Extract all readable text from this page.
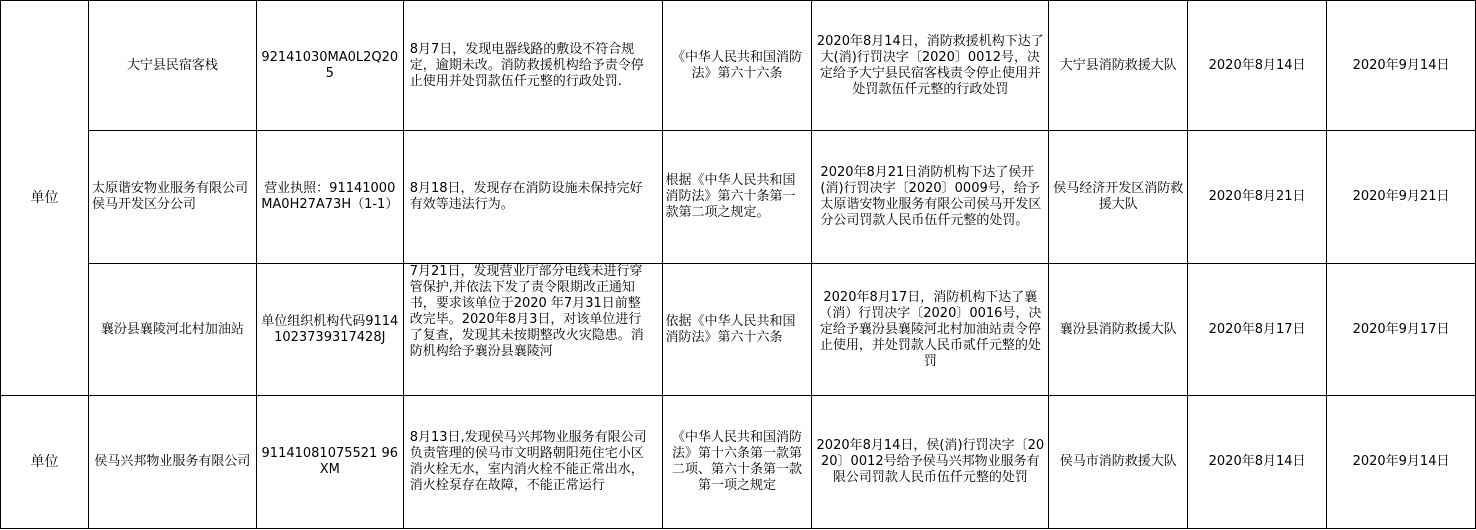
单位	大宁县民宿客栈	92141030MA0L2Q205	8月7日，发现电器线路的敷设不符合规定，逾期未改。消防救援机构给予责令停止使用并处罚款伍仟元整的行政处罚.	《中华人民共和国消防法》第六十六条	2020年8月14日，消防救援机构下达了大(消)行罚决字〔2020〕0012号，决定给予大宁县民宿客栈责令停止使用并处罚款伍仟元整的行政处罚	大宁县消防救援大队	2020年8月14日	2020年9月14日
	太原谐安物业服务有限公司侯马开发区分公司	营业执照：91141000MA0H27A73H（1-1）	8月18日，发现存在消防设施未保持完好有效等违法行为。	根据《中华人民共和国消防法》第六十条第一款第二项之规定。	2020年8月21日消防机构下达了侯开(消)行罚决字〔2020〕0009号，给予太原谐安物业服务有限公司侯马开发区分公司罚款人民币伍仟元整的处罚。	侯马经济开发区消防救援大队	2020年8月21日	2020年9月21日
	襄汾县襄陵河北村加油站	单位组织机构代码91141023739317428J	7月21日，发现营业厅部分电线未进行穿管保护,并依法下发了责令限期改正通知书，要求该单位于2020 年7月31日前整改完毕。2020年8月3日，对该单位进行了复查，发现其未按期整改火灾隐患。消防机构给予襄汾县襄陵河	依据《中华人民共和国消防法》第六十六条	2020年8月17日，消防机构下达了襄（消）行罚决字〔2020〕0016号，决定给予襄汾县襄陵河北村加油站责令停止使用，并处罚款人民币贰仟元整的处罚	襄汾县消防救援大队	2020年8月17日	2020年9月17日
单位	侯马兴邦物业服务有限公司	91141081075521 96XM	8月13日,发现侯马兴邦物业服务有限公司负责管理的侯马市文明路朝阳苑住宅小区消火栓无水，室内消火栓不能正常出水，消火栓泵存在故障，不能正常运行	《中华人民共和国消防法》第十六条第一款第二项、第六十条第一款第一项之规定	2020年8月14日，侯(消)行罚决字〔2020〕0012号给予侯马兴邦物业服务有限公司罚款人民币伍仟元整的处罚	侯马市消防救援大队	2020年8月14日	2020年9月14日
